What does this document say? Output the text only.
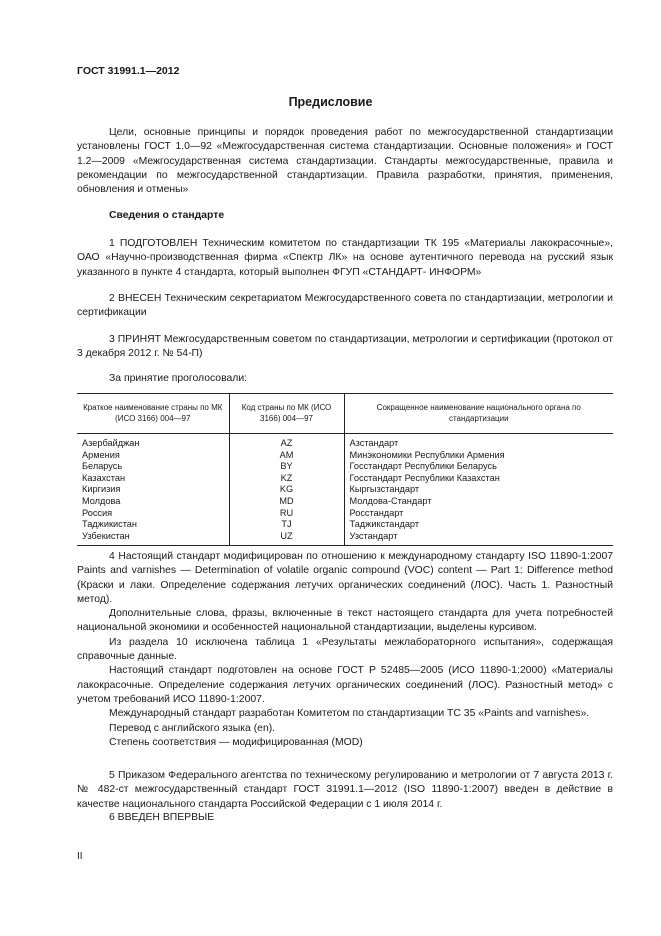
ГОСТ 31991.1—2012
Предисловие

Цели, основные принципы и порядок проведения работ по межгосударственной стандартизации установлены ГОСТ 1.0—92 «Межгосударственная система стандартизации. Основные положения» и ГОСТ 1.2—2009 «Межгосударственная система стандартизации. Стандарты межгосударственные, правила и рекомендации по межгосударственной стандартизации. Правила разработки, принятия, применения, обновления и отмены»

Сведения о стандарте

1 ПОДГОТОВЛЕН Техническим комитетом по стандартизации ТК 195 «Материалы лакокрасочные», ОАО «Научно-производственная фирма «Спектр ЛК» на основе аутентичного перевода на русский язык указанного в пункте 4 стандарта, который выполнен ФГУП «СТАНДАРТ- ИНФОРМ»

2 ВНЕСЕН Техническим секретариатом Межгосударственного совета по стандартизации, метрологии и сертификации

3 ПРИНЯТ Межгосударственным советом по стандартизации, метрологии и сертификации (протокол от 3 декабря 2012 г. № 54-П)

За принятие проголосовали:

Краткое наименование страны по МК (ИСО 3166) 004—97	Код страны по МК (ИСО 3166) 004—97	Сокращенное наименование национального органа по стандартизации
Азербайджан	AZ	Азстандарт
Армения	AM	Минэкономики Республики Армения
Беларусь	BY	Госстандарт Республики Беларусь
Казахстан	KZ	Госстандарт Республики Казахстан
Киргизия	KG	Кыргызстандарт
Молдова	MD	Молдова-Стандарт
Россия	RU	Росстандарт
Таджикистан	TJ	Таджикстандарт
Узбекистан	UZ	Узстандарт

4 Настоящий стандарт модифицирован по отношению к международному стандарту ISO 11890-1:2007 Paints and varnishes — Determination of volatile organic compound (VOC) content — Part 1: Difference method (Краски и лаки. Определение содержания летучих органических соединений (ЛОС). Часть 1. Разностный метод).

Дополнительные слова, фразы, включенные в текст настоящего стандарта для учета потребностей национальной экономики и особенностей национальной стандартизации, выделены курсивом.

Из раздела 10 исключена таблица 1 «Результаты межлабораторного испытания», содержащая справочные данные.

Настоящий стандарт подготовлен на основе ГОСТ Р 52485—2005 (ИСО 11890-1:2000) «Материалы лакокрасочные. Определение содержания летучих органических соединений (ЛОС). Разностный метод» с учетом требований ИСО 11890-1:2007.

Международный стандарт разработан Комитетом по стандартизации ТС 35 «Paints and varnishes».

Перевод с английского языка (en).

Степень соответствия — модифицированная (MOD)

5 Приказом Федерального агентства по техническому регулированию и метрологии от 7 августа 2013 г. № 482-ст межгосударственный стандарт ГОСТ 31991.1—2012 (ISO 11890-1:2007) введен в действие в качестве национального стандарта Российской Федерации с 1 июля 2014 г.

6 ВВЕДЕН ВПЕРВЫЕ

II
